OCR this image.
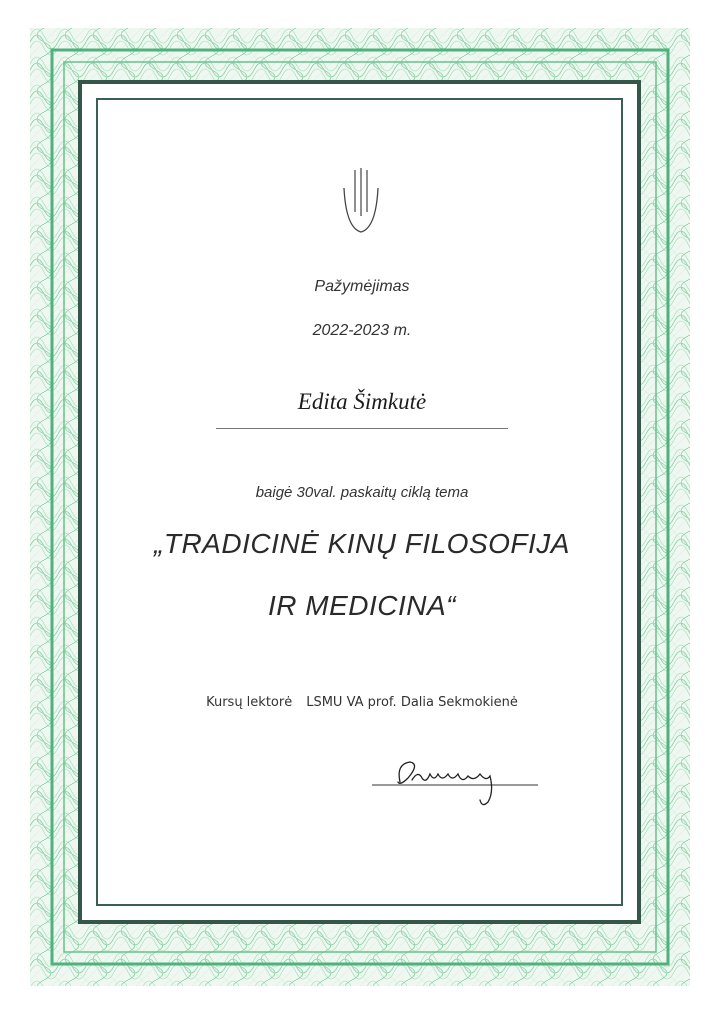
Pažymėjimas
2022-2023 m.
Edita Šimkutė
baigė 30val. paskaitų ciklą tema
„TRADICINĖ KINŲ FILOSOFIJA
IR MEDICINA“
Kursų lektorė LSMU VA prof. Dalia Sekmokienė
